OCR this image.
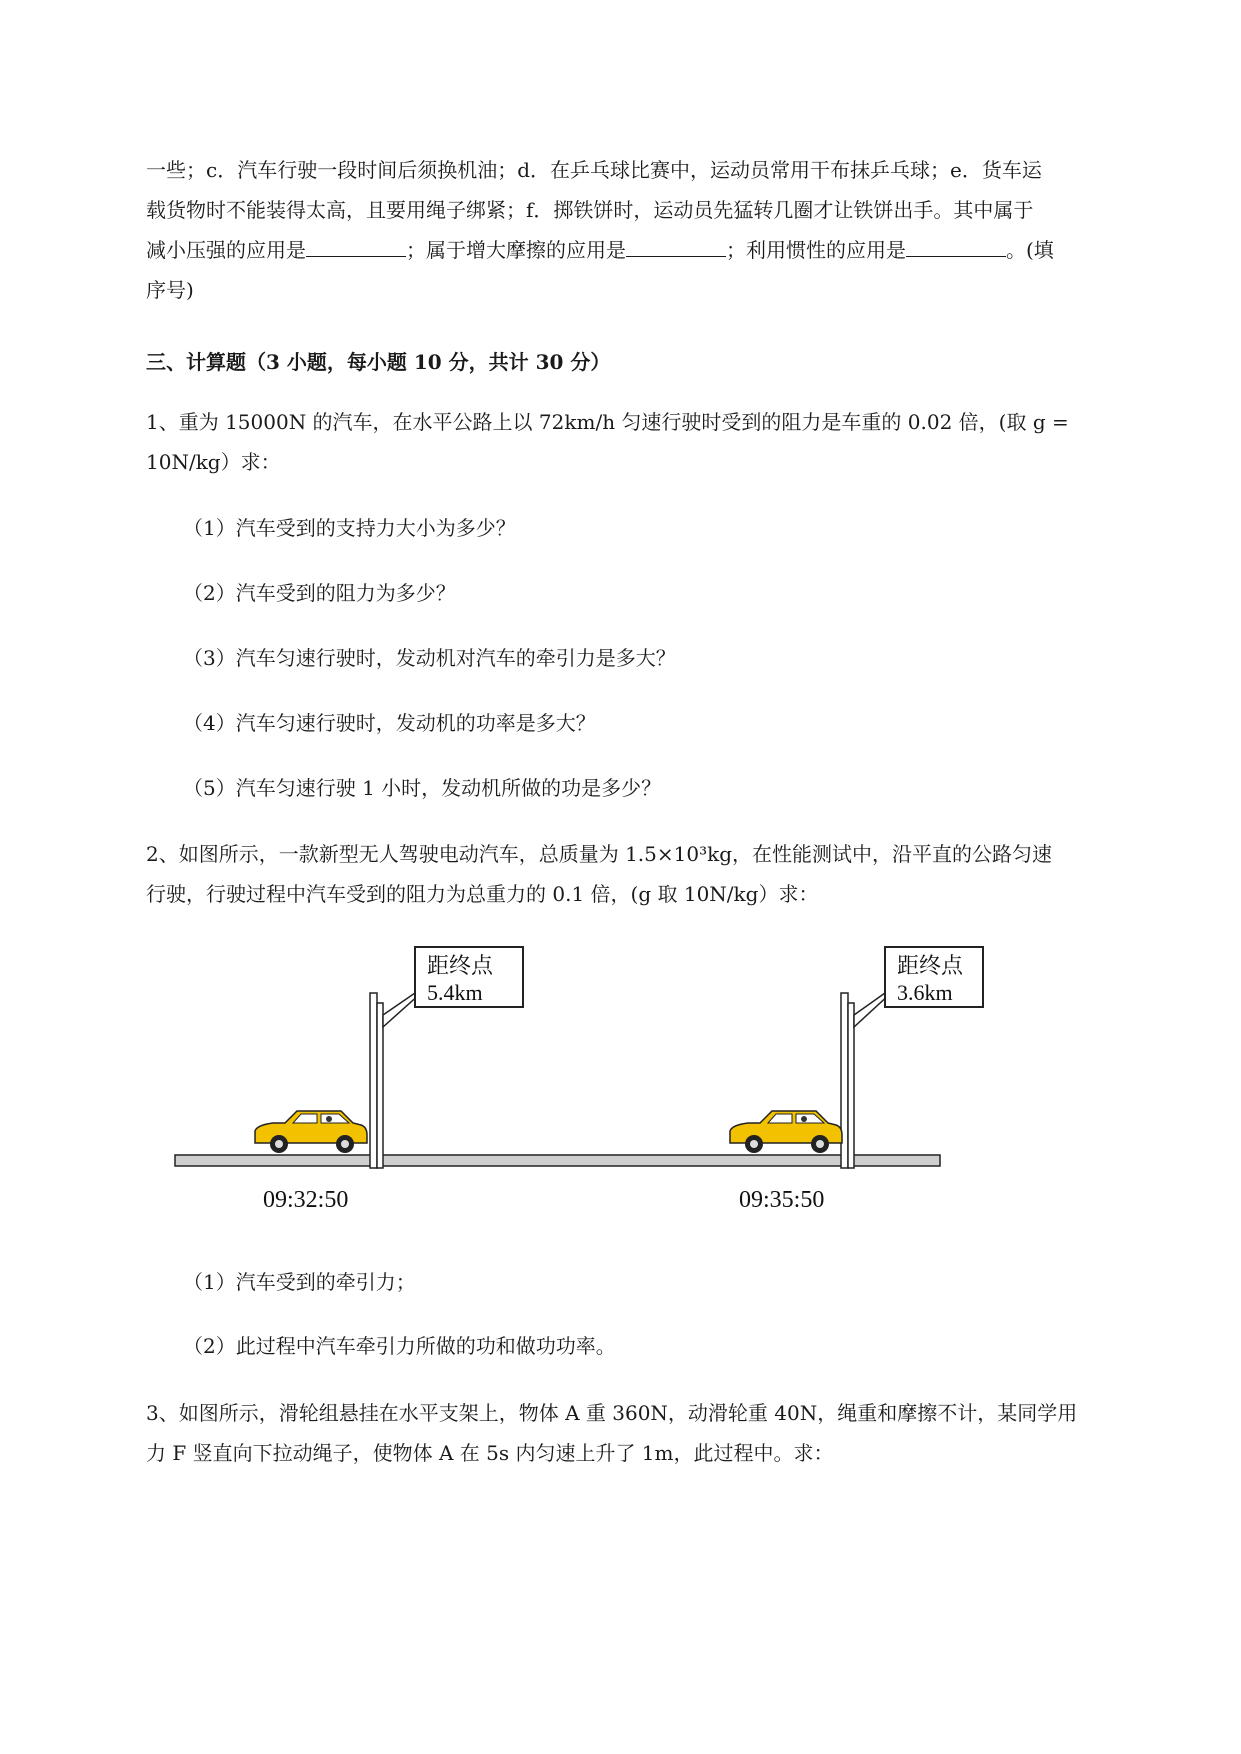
一些；c．汽车行驶一段时间后须换机油；d．在乒乓球比赛中，运动员常用干布抹乒乓球；e．货车运

载货物时不能装得太高，且要用绳子绑紧；f．掷铁饼时，运动员先猛转几圈才让铁饼出手。其中属于

减小压强的应用是	；属于增大摩擦的应用是	；利用惯性的应用是	。(填

序号)

三、计算题（3 小题，每小题 10 分，共计 30 分）

1、重为 15000N 的汽车，在水平公路上以 72km/h 匀速行驶时受到的阻力是车重的 0.02 倍，(取 g =

10N/kg）求：

（1）汽车受到的支持力大小为多少？

（2）汽车受到的阻力为多少？

（3）汽车匀速行驶时，发动机对汽车的牵引力是多大？

（4）汽车匀速行驶时，发动机的功率是多大？

（5）汽车匀速行驶 1 小时，发动机所做的功是多少？

2、如图所示，一款新型无人驾驶电动汽车，总质量为 1.5×10³kg，在性能测试中，沿平直的公路匀速

行驶，行驶过程中汽车受到的阻力为总重力的 0.1 倍，(g 取 10N/kg）求：

距终点
5.4km
距终点
3.6km
09:32:50	09:35:50

（1）汽车受到的牵引力；

（2）此过程中汽车牵引力所做的功和做功功率。

3、如图所示，滑轮组悬挂在水平支架上，物体 A 重 360N，动滑轮重 40N，绳重和摩擦不计，某同学用

力 F 竖直向下拉动绳子，使物体 A 在 5s 内匀速上升了 1m，此过程中。求：
